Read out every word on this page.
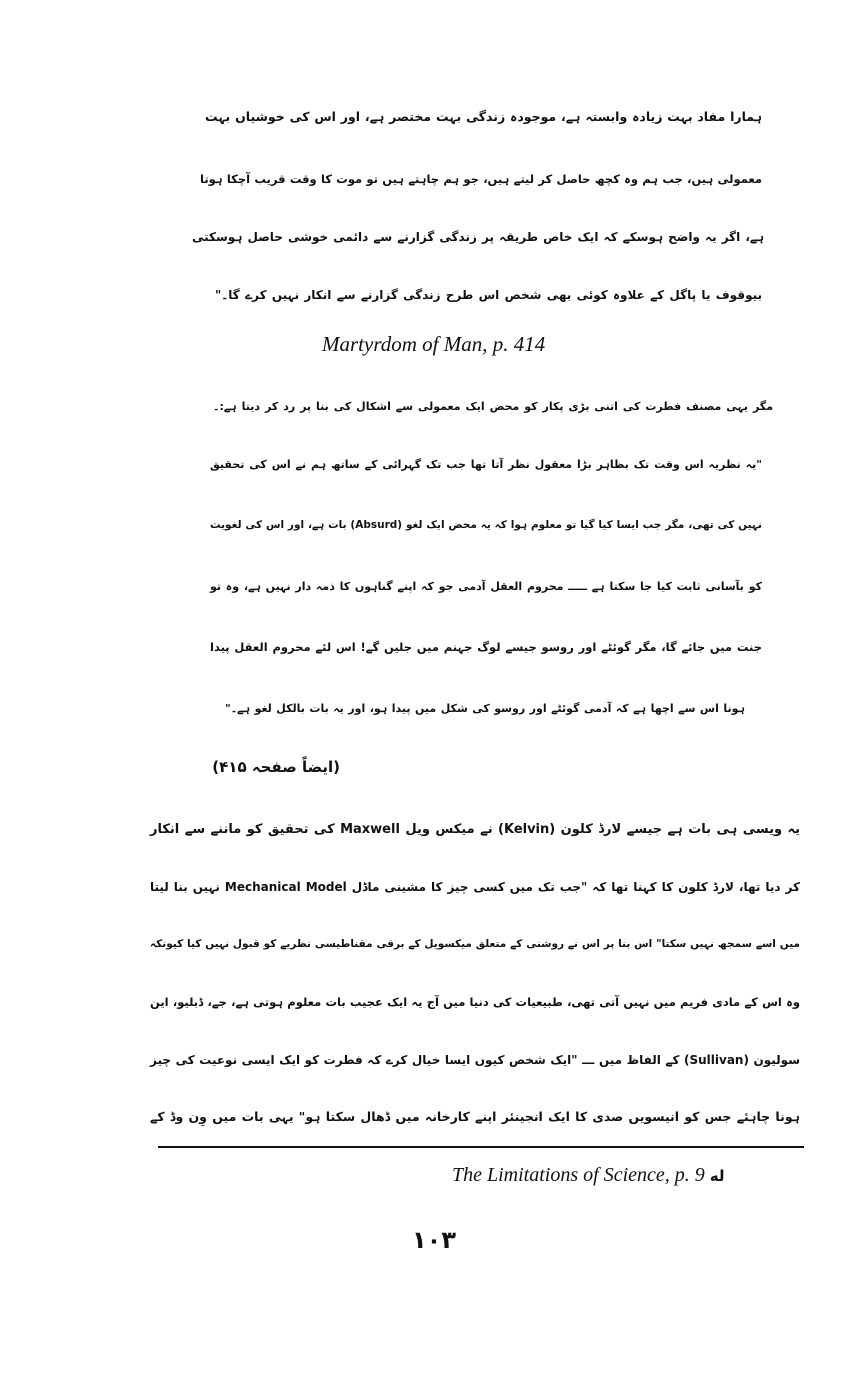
ہمارا مفاد بہت زیادہ وابستہ ہے، موجودہ زندگی بہت مختصر ہے، اور اس کی خوشیاں بہت
معمولی ہیں، جب ہم وہ کچھ حاصل کر لیتے ہیں، جو ہم چاہتے ہیں تو موت کا وقت قریب آچکا ہوتا
ہے، اگر یہ واضح ہوسکے کہ ایک خاص طریقہ پر زندگی گزارنے سے دائمی خوشی حاصل ہوسکتی
بیوقوف یا پاگل کے علاوہ کوئی بھی شخص اس طرح زندگی گزارنے سے انکار نہیں کرے گا۔"
Martyrdom of Man, p. 414
مگر یہی مصنف فطرت کی اتنی بڑی پکار کو محض ایک معمولی سے اشکال کی بنا پر رد کر دیتا ہے:۔
"یہ نظریہ اس وقت تک بظاہر بڑا معقول نظر آتا تھا جب تک گہرائی کے ساتھ ہم نے اس کی تحقیق
نہیں کی تھی، مگر جب ایسا کیا گیا تو معلوم ہوا کہ یہ محض ایک لغو (Absurd) بات ہے، اور اس کی لغویت
کو بآسانی ثابت کیا جا سکتا ہے ـــــ محروم العقل آدمی جو کہ اپنے گناہوں کا ذمہ دار نہیں ہے، وہ تو
جنت میں جائے گا، مگر گوئٹے اور روسو جیسے لوگ جہنم میں جلیں گے! اس لئے محروم العقل پیدا
ہونا اس سے اچھا ہے کہ آدمی گوئٹے اور روسو کی شکل میں پیدا ہو، اور یہ بات بالکل لغو ہے۔"
(ایضاً صفحہ ۴۱۵)
یہ ویسی ہی بات ہے جیسے لارڈ کلون (Kelvin) نے میکس ویل Maxwell کی تحقیق کو ماننے سے انکار
کر دیا تھا، لارڈ کلون کا کہنا تھا کہ "جب تک میں کسی چیز کا مشینی ماڈل Mechanical Model نہیں بنا لیتا
میں اسے سمجھ نہیں سکتا" اس بنا پر اس نے روشنی کے متعلق میکسویل کے برقی مقناطیسی نظریے کو قبول نہیں کیا کیونکہ
وہ اس کے مادی فریم میں نہیں آتی تھی، طبیعیات کی دنیا میں آج یہ ایک عجیب بات معلوم ہوتی ہے، جے، ڈبلیو، این
سولیون (Sullivan) کے الفاظ میں ـــ "ایک شخص کیوں ایسا خیال کرے کہ فطرت کو ایک ایسی نوعیت کی چیز
ہونا چاہئے جس کو انیسویں صدی کا ایک انجینئر اپنے کارخانہ میں ڈھال سکتا ہو" یہی بات میں وِن وڈ کے
The Limitations of Science, p. 9 له
۱۰۳
